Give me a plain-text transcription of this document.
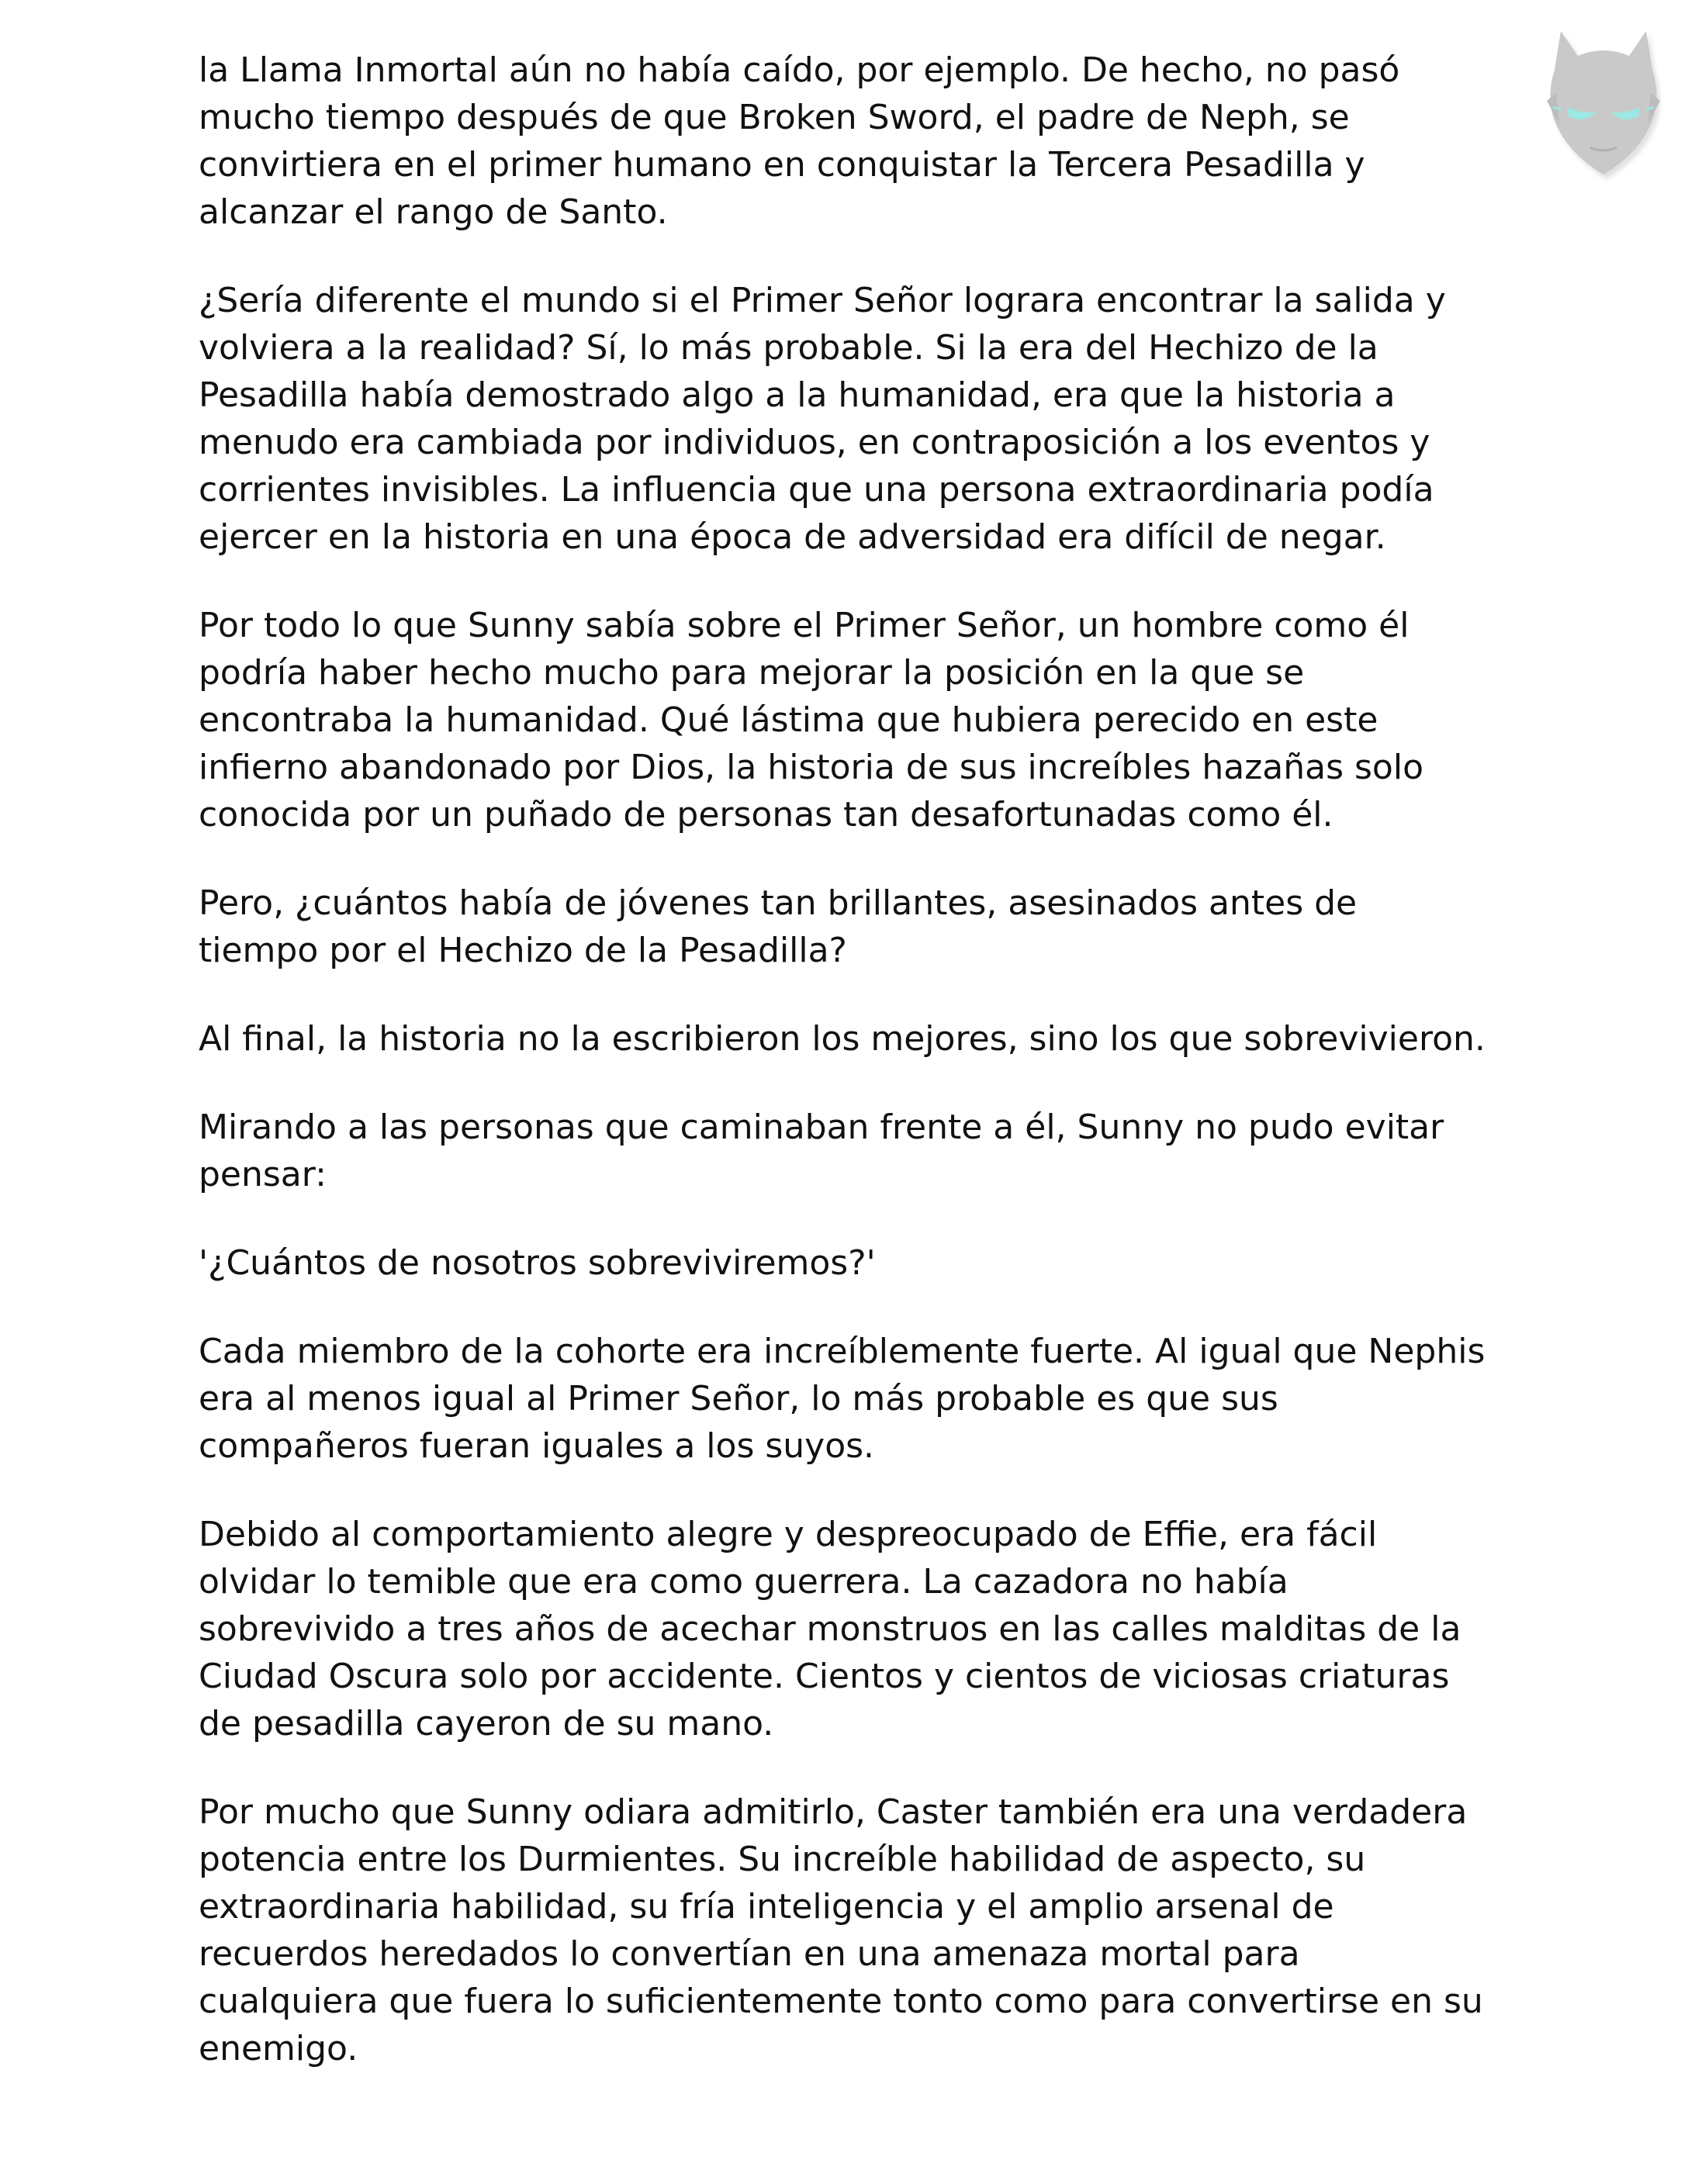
la Llama Inmortal aún no había caído, por ejemplo. De hecho, no pasó mucho tiempo después de que Broken Sword, el padre de Neph, se convirtiera en el primer humano en conquistar la Tercera Pesadilla y alcanzar el rango de Santo.

¿Sería diferente el mundo si el Primer Señor lograra encontrar la salida y volviera a la realidad? Sí, lo más probable. Si la era del Hechizo de la Pesadilla había demostrado algo a la humanidad, era que la historia a menudo era cambiada por individuos, en contraposición a los eventos y corrientes invisibles. La influencia que una persona extraordinaria podía ejercer en la historia en una época de adversidad era difícil de negar.

Por todo lo que Sunny sabía sobre el Primer Señor, un hombre como él podría haber hecho mucho para mejorar la posición en la que se encontraba la humanidad. Qué lástima que hubiera perecido en este infierno abandonado por Dios, la historia de sus increíbles hazañas solo conocida por un puñado de personas tan desafortunadas como él.

Pero, ¿cuántos había de jóvenes tan brillantes, asesinados antes de tiempo por el Hechizo de la Pesadilla?

Al final, la historia no la escribieron los mejores, sino los que sobrevivieron.

Mirando a las personas que caminaban frente a él, Sunny no pudo evitar pensar:

'¿Cuántos de nosotros sobreviviremos?'

Cada miembro de la cohorte era increíblemente fuerte. Al igual que Nephis era al menos igual al Primer Señor, lo más probable es que sus compañeros fueran iguales a los suyos.

Debido al comportamiento alegre y despreocupado de Effie, era fácil olvidar lo temible que era como guerrera. La cazadora no había sobrevivido a tres años de acechar monstruos en las calles malditas de la Ciudad Oscura solo por accidente. Cientos y cientos de viciosas criaturas de pesadilla cayeron de su mano.

Por mucho que Sunny odiara admitirlo, Caster también era una verdadera potencia entre los Durmientes. Su increíble habilidad de aspecto, su extraordinaria habilidad, su fría inteligencia y el amplio arsenal de recuerdos heredados lo convertían en una amenaza mortal para cualquiera que fuera lo suficientemente tonto como para convertirse en su enemigo.
